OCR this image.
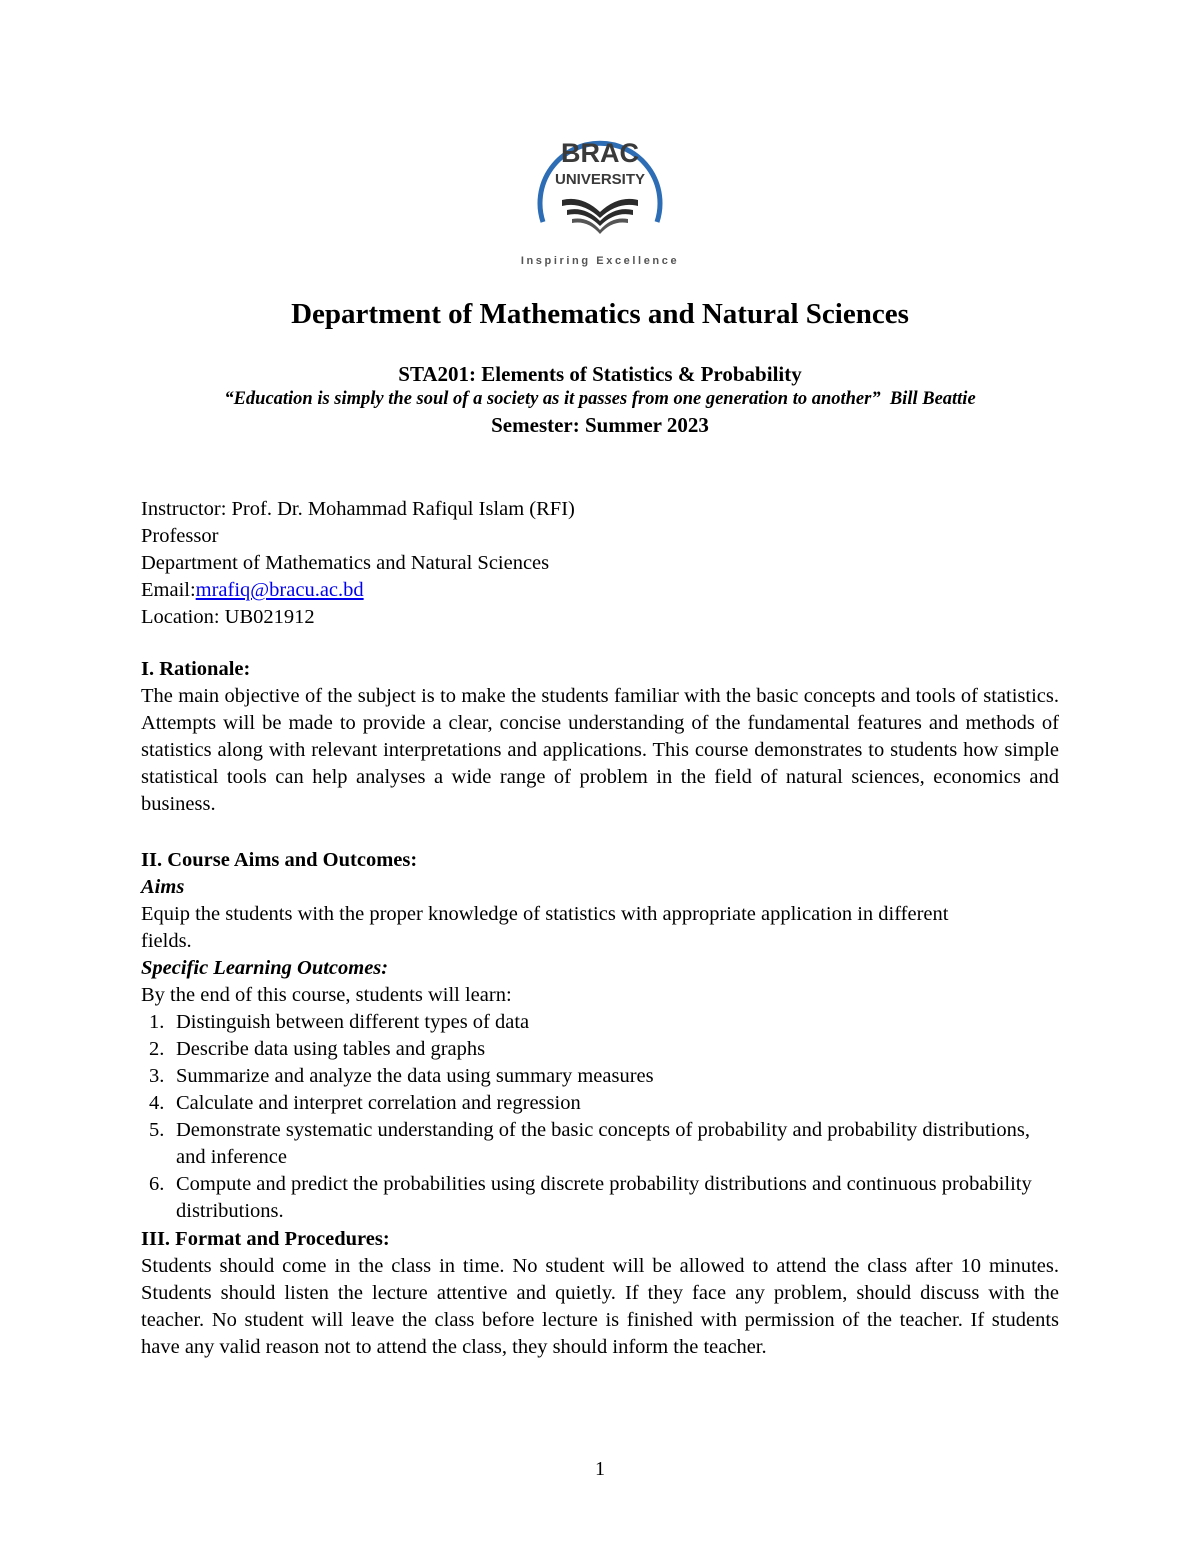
BRAC
UNIVERSITY
Inspiring Excellence
Department of Mathematics and Natural Sciences
STA201: Elements of Statistics & Probability
“Education is simply the soul of a society as it passes from one generation to another” Bill Beattie
Semester: Summer 2023
Instructor: Prof. Dr. Mohammad Rafiqul Islam (RFI)
Professor
Department of Mathematics and Natural Sciences
Email:mrafiq@bracu.ac.bd
Location: UB021912
I. Rationale:
The main objective of the subject is to make the students familiar with the basic concepts and tools of statistics. Attempts will be made to provide a clear, concise understanding of the fundamental features and methods of statistics along with relevant interpretations and applications. This course demonstrates to students how simple statistical tools can help analyses a wide range of problem in the field of natural sciences, economics and business.
II. Course Aims and Outcomes:
Aims
Equip the students with the proper knowledge of statistics with appropriate application in different fields.
Specific Learning Outcomes:
By the end of this course, students will learn:
1. Distinguish between different types of data
2. Describe data using tables and graphs
3. Summarize and analyze the data using summary measures
4. Calculate and interpret correlation and regression
5. Demonstrate systematic understanding of the basic concepts of probability and probability distributions, and inference
6. Compute and predict the probabilities using discrete probability distributions and continuous probability distributions.
III. Format and Procedures:
Students should come in the class in time. No student will be allowed to attend the class after 10 minutes. Students should listen the lecture attentive and quietly. If they face any problem, should discuss with the teacher. No student will leave the class before lecture is finished with permission of the teacher. If students have any valid reason not to attend the class, they should inform the teacher.
1
